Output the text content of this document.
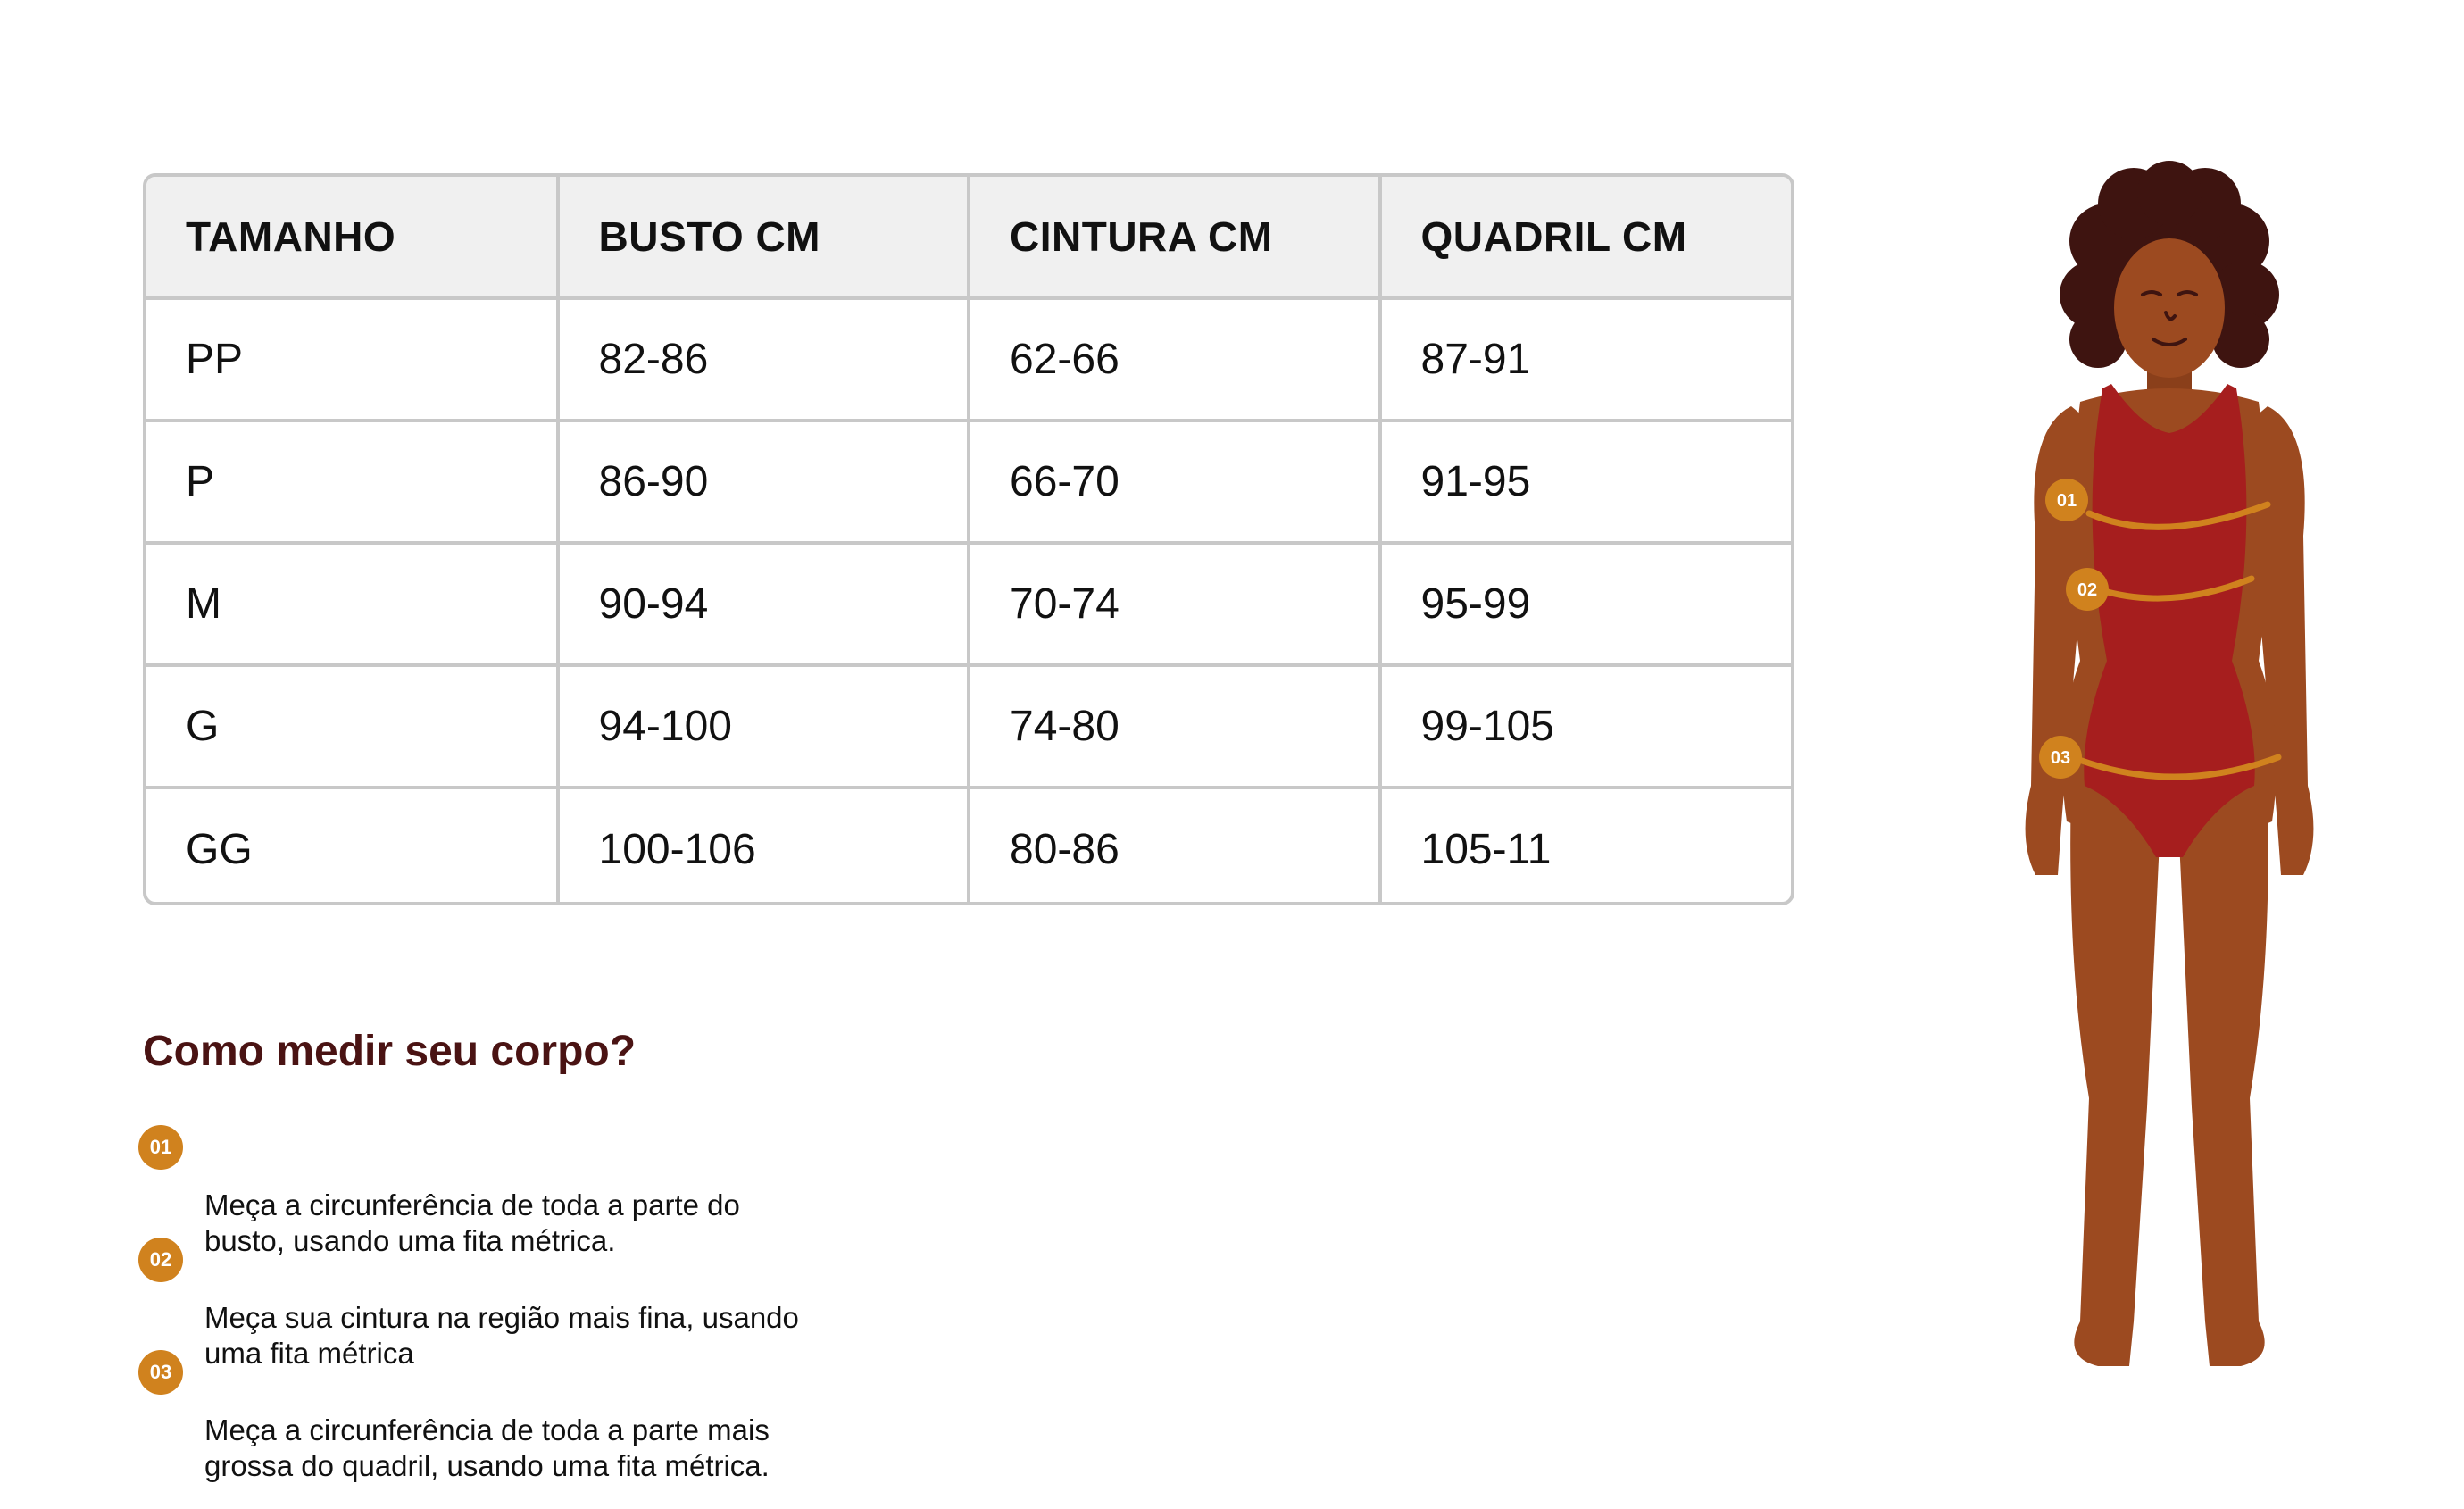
TAMANHO	BUSTO CM	CINTURA CM	QUADRIL CM
PP	82-86	62-66	87-91
P	86-90	66-70	91-95
M	90-94	70-74	95-99
G	94-100	74-80	99-105
GG	100-106	80-86	105-11
Como medir seu corpo?

01

Meça a circunferência de toda a parte do
busto, usando uma fita métrica.

02

Meça sua cintura na região mais fina, usando
uma fita métrica

03

Meça a circunferência de toda a parte mais
grossa do quadril, usando uma fita métrica.

01
02
03
